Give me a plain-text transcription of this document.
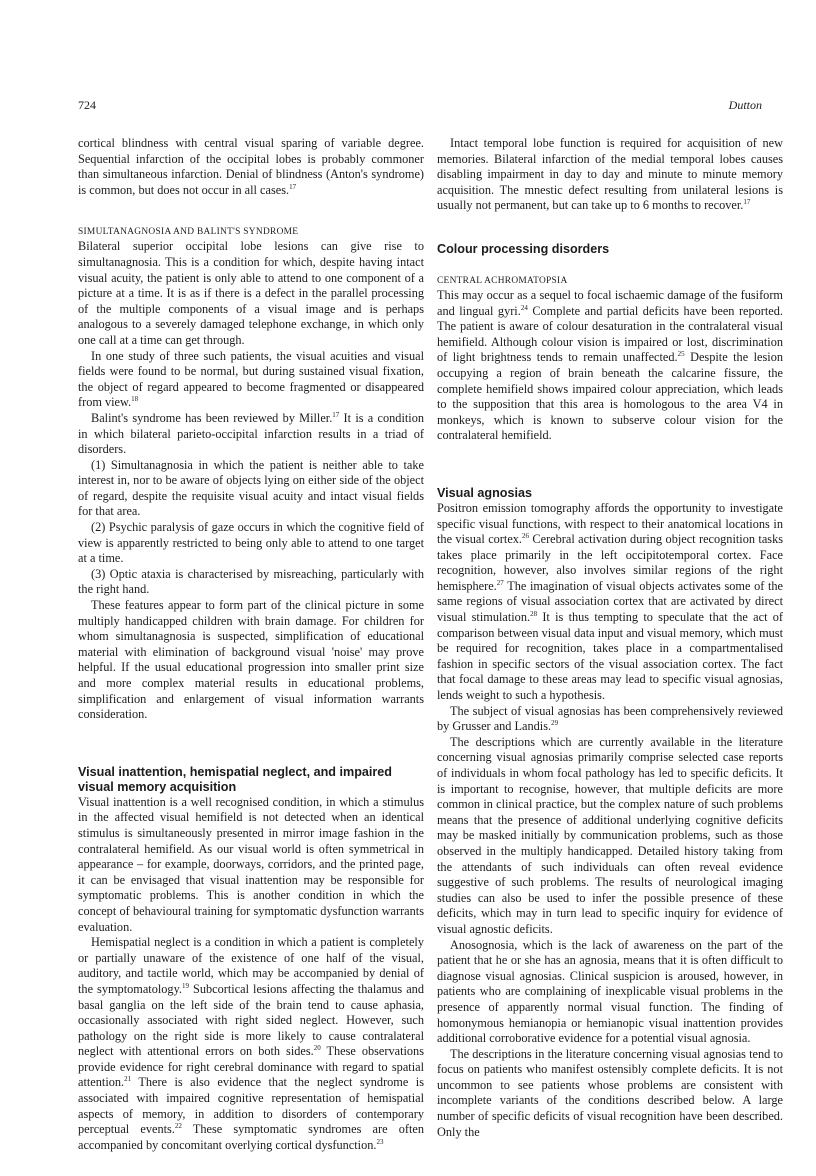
724	Dutton

cortical blindness with central visual sparing of variable degree. Sequential infarction of the occipital lobes is probably commoner than simultaneous infarction. Denial of blindness (Anton's syndrome) is common, but does not occur in all cases.$^{17}$

SIMULTANAGNOSIA AND BALINT'S SYNDROME

Bilateral superior occipital lobe lesions can give rise to simultanagnosia. This is a condition for which, despite having intact visual acuity, the patient is only able to attend to one component of a picture at a time. It is as if there is a defect in the parallel processing of the multiple components of a visual image and is perhaps analogous to a severely damaged telephone exchange, in which only one call at a time can get through.

In one study of three such patients, the visual acuities and visual fields were found to be normal, but during sustained visual fixation, the object of regard appeared to become fragmented or disappeared from view.$^{18}$

Balint's syndrome has been reviewed by Miller.$^{17}$ It is a condition in which bilateral parieto-occipital infarction results in a triad of disorders.

(1) Simultanagnosia in which the patient is neither able to take interest in, nor to be aware of objects lying on either side of the object of regard, despite the requisite visual acuity and intact visual fields for that area.

(2) Psychic paralysis of gaze occurs in which the cognitive field of view is apparently restricted to being only able to attend to one target at a time.

(3) Optic ataxia is characterised by misreaching, particularly with the right hand.

These features appear to form part of the clinical picture in some multiply handicapped children with brain damage. For children for whom simultanagnosia is suspected, simplification of educational material with elimination of background visual 'noise' may prove helpful. If the usual educational progression into smaller print size and more complex material results in educational problems, simplification and enlargement of visual information warrants consideration.

Visual inattention, hemispatial neglect, and impaired visual memory acquisition

Visual inattention is a well recognised condition, in which a stimulus in the affected visual hemifield is not detected when an identical stimulus is simultaneously presented in mirror image fashion in the contralateral hemifield. As our visual world is often symmetrical in appearance – for example, doorways, corridors, and the printed page, it can be envisaged that visual inattention may be responsible for symptomatic problems. This is another condition in which the concept of behavioural training for symptomatic dysfunction warrants evaluation.

Hemispatial neglect is a condition in which a patient is completely or partially unaware of the existence of one half of the visual, auditory, and tactile world, which may be accompanied by denial of the symptomatology.$^{19}$ Subcortical lesions affecting the thalamus and basal ganglia on the left side of the brain tend to cause aphasia, occasionally associated with right sided neglect. However, such pathology on the right side is more likely to cause contralateral neglect with attentional errors on both sides.$^{20}$ These observations provide evidence for right cerebral dominance with regard to spatial attention.$^{21}$ There is also evidence that the neglect syndrome is associated with impaired cognitive representation of hemispatial aspects of memory, in addition to disorders of contemporary perceptual events.$^{22}$ These symptomatic syndromes are often accompanied by concomitant overlying cortical dysfunction.$^{23}$

Intact temporal lobe function is required for acquisition of new memories. Bilateral infarction of the medial temporal lobes causes disabling impairment in day to day and minute to minute memory acquisition. The mnestic defect resulting from unilateral lesions is usually not permanent, but can take up to 6 months to recover.$^{17}$

Colour processing disorders

CENTRAL ACHROMATOPSIA

This may occur as a sequel to focal ischaemic damage of the fusiform and lingual gyri.$^{24}$ Complete and partial deficits have been reported. The patient is aware of colour desaturation in the contralateral visual hemifield. Although colour vision is impaired or lost, discrimination of light brightness tends to remain unaffected.$^{25}$ Despite the lesion occupying a region of brain beneath the calcarine fissure, the complete hemifield shows impaired colour appreciation, which leads to the supposition that this area is homologous to the area V4 in monkeys, which is known to subserve colour vision for the contralateral hemifield.

Visual agnosias

Positron emission tomography affords the opportunity to investigate specific visual functions, with respect to their anatomical locations in the visual cortex.$^{26}$ Cerebral activation during object recognition tasks takes place primarily in the left occipitotemporal cortex. Face recognition, however, also involves similar regions of the right hemisphere.$^{27}$ The imagination of visual objects activates some of the same regions of visual association cortex that are activated by direct visual stimulation.$^{28}$ It is thus tempting to speculate that the act of comparison between visual data input and visual memory, which must be required for recognition, takes place in a compartmentalised fashion in specific sectors of the visual association cortex. The fact that focal damage to these areas may lead to specific visual agnosias, lends weight to such a hypothesis.

The subject of visual agnosias has been comprehensively reviewed by Grusser and Landis.$^{29}$

The descriptions which are currently available in the literature concerning visual agnosias primarily comprise selected case reports of individuals in whom focal pathology has led to specific deficits. It is important to recognise, however, that multiple deficits are more common in clinical practice, but the complex nature of such problems means that the presence of additional underlying cognitive deficits may be masked initially by communication problems, such as those observed in the multiply handicapped. Detailed history taking from the attendants of such individuals can often reveal evidence suggestive of such problems. The results of neurological imaging studies can also be used to infer the possible presence of these deficits, which may in turn lead to specific inquiry for evidence of visual agnostic deficits.

Anosognosia, which is the lack of awareness on the part of the patient that he or she has an agnosia, means that it is often difficult to diagnose visual agnosias. Clinical suspicion is aroused, however, in patients who are complaining of inexplicable visual problems in the presence of apparently normal visual function. The finding of homonymous hemianopia or hemianopic visual inattention provides additional corroborative evidence for a potential visual agnosia.

The descriptions in the literature concerning visual agnosias tend to focus on patients who manifest ostensibly complete deficits. It is not uncommon to see patients whose problems are consistent with incomplete variants of the conditions described below. A large number of specific deficits of visual recognition have been described. Only the
